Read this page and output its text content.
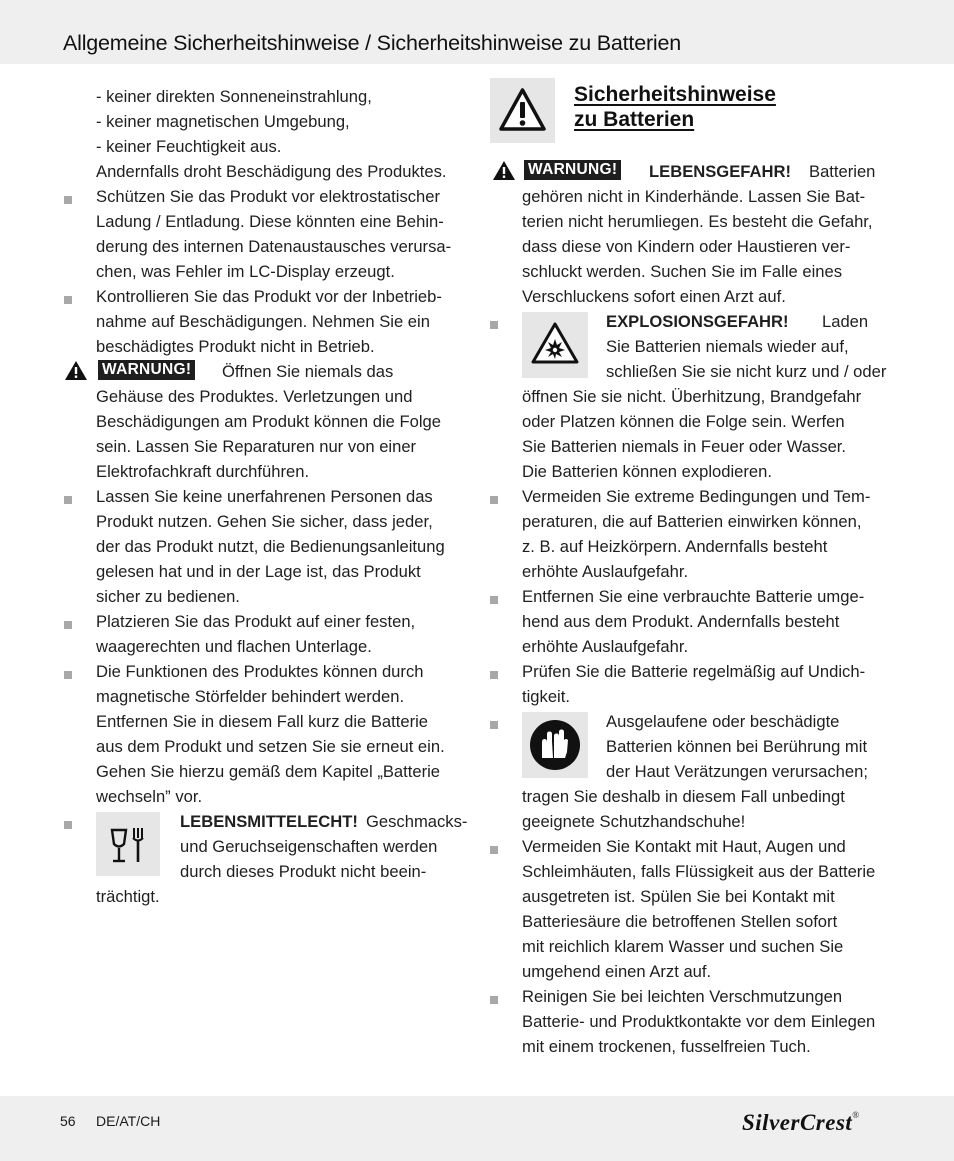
Allgemeine Sicherheitshinweise / Sicherheitshinweise zu Batterien
- keiner direkten Sonneneinstrahlung,
- keiner magnetischen Umgebung,
- keiner Feuchtigkeit aus.
Andernfalls droht Beschädigung des Produktes.
Schützen Sie das Produkt vor elektrostatischer
Ladung / Entladung. Diese könnten eine Behin-
derung des internen Datenaustausches verursa-
chen, was Fehler im LC-Display erzeugt.
Kontrollieren Sie das Produkt vor der Inbetrieb-
nahme auf Beschädigungen. Nehmen Sie ein
beschädigtes Produkt nicht in Betrieb.
WARNUNG! Öffnen Sie niemals das
Gehäuse des Produktes. Verletzungen und
Beschädigungen am Produkt können die Folge
sein. Lassen Sie Reparaturen nur von einer
Elektrofachkraft durchführen.
Lassen Sie keine unerfahrenen Personen das
Produkt nutzen. Gehen Sie sicher, dass jeder,
der das Produkt nutzt, die Bedienungsanleitung
gelesen hat und in der Lage ist, das Produkt
sicher zu bedienen.
Platzieren Sie das Produkt auf einer festen,
waagerechten und flachen Unterlage.
Die Funktionen des Produktes können durch
magnetische Störfelder behindert werden.
Entfernen Sie in diesem Fall kurz die Batterie
aus dem Produkt und setzen Sie sie erneut ein.
Gehen Sie hierzu gemäß dem Kapitel „Batterie
wechseln” vor.
LEBENSMITTELECHT! Geschmacks-
und Geruchseigenschaften werden
durch dieses Produkt nicht beein-
trächtigt.
Sicherheitshinweise
zu Batterien
WARNUNG! LEBENSGEFAHR! Batterien
gehören nicht in Kinderhände. Lassen Sie Bat-
terien nicht herumliegen. Es besteht die Gefahr,
dass diese von Kindern oder Haustieren ver-
schluckt werden. Suchen Sie im Falle eines
Verschluckens sofort einen Arzt auf.
EXPLOSIONSGEFAHR! Laden
Sie Batterien niemals wieder auf,
schließen Sie sie nicht kurz und / oder
öffnen Sie sie nicht. Überhitzung, Brandgefahr
oder Platzen können die Folge sein. Werfen
Sie Batterien niemals in Feuer oder Wasser.
Die Batterien können explodieren.
Vermeiden Sie extreme Bedingungen und Tem-
peraturen, die auf Batterien einwirken können,
z. B. auf Heizkörpern. Andernfalls besteht
erhöhte Auslaufgefahr.
Entfernen Sie eine verbrauchte Batterie umge-
hend aus dem Produkt. Andernfalls besteht
erhöhte Auslaufgefahr.
Prüfen Sie die Batterie regelmäßig auf Undich-
tigkeit.
Ausgelaufene oder beschädigte
Batterien können bei Berührung mit
der Haut Verätzungen verursachen;
tragen Sie deshalb in diesem Fall unbedingt
geeignete Schutzhandschuhe!
Vermeiden Sie Kontakt mit Haut, Augen und
Schleimhäuten, falls Flüssigkeit aus der Batterie
ausgetreten ist. Spülen Sie bei Kontakt mit
Batteriesäure die betroffenen Stellen sofort
mit reichlich klarem Wasser und suchen Sie
umgehend einen Arzt auf.
Reinigen Sie bei leichten Verschmutzungen
Batterie- und Produktkontakte vor dem Einlegen
mit einem trockenen, fusselfreien Tuch.
56 DE/AT/CH	SilverCrest®
